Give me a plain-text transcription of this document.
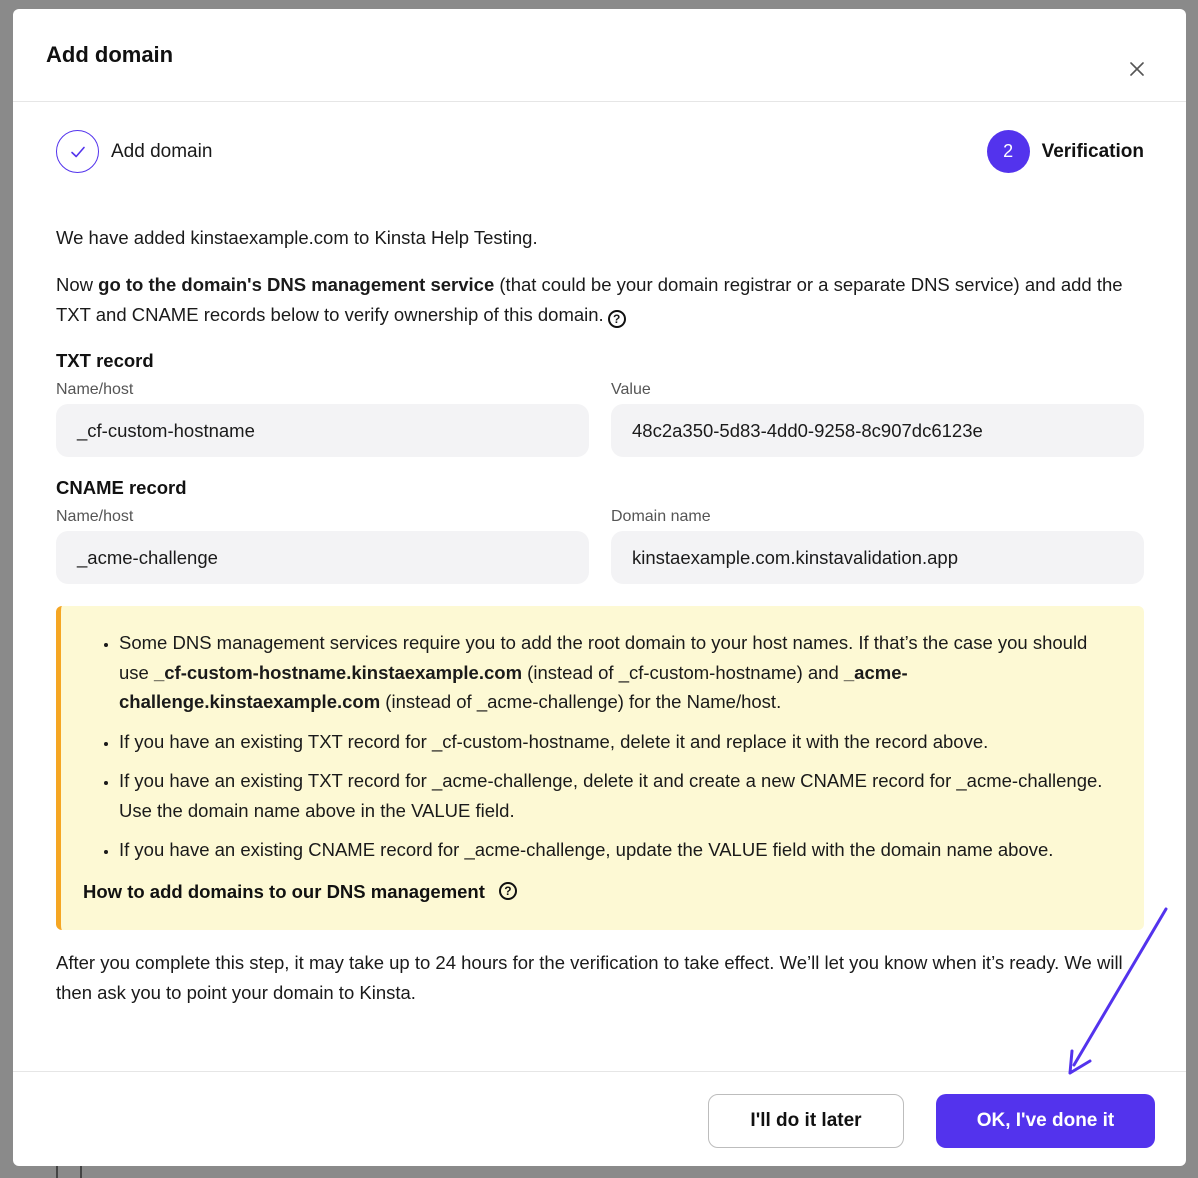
Add domain
Add domain	2	Verification

We have added kinstaexample.com to Kinsta Help Testing.

Now go to the domain's DNS management service (that could be your domain registrar or a separate DNS service) and add the TXT and CNAME records below to verify ownership of this domain. ?

TXT record
Name/host
_cf-custom-hostname
Value
48c2a350-5d83-4dd0-9258-8c907dc6123e
CNAME record
Name/host
_acme-challenge
Domain name
kinstaexample.com.kinstavalidation.app
• Some DNS management services require you to add the root domain to your host names. If that’s the case you should use _cf-custom-hostname.kinstaexample.com (instead of _cf-custom-hostname) and _acme-challenge.kinstaexample.com (instead of _acme-challenge) for the Name/host.
• If you have an existing TXT record for _cf-custom-hostname, delete it and replace it with the record above.
• If you have an existing TXT record for _acme-challenge, delete it and create a new CNAME record for _acme-challenge. Use the domain name above in the VALUE field.
• If you have an existing CNAME record for _acme-challenge, update the VALUE field with the domain name above.
How to add domains to our DNS management	?

After you complete this step, it may take up to 24 hours for the verification to take effect. We’ll let you know when it’s ready. We will then ask you to point your domain to Kinsta.

I'll do it later	OK, I've done it
